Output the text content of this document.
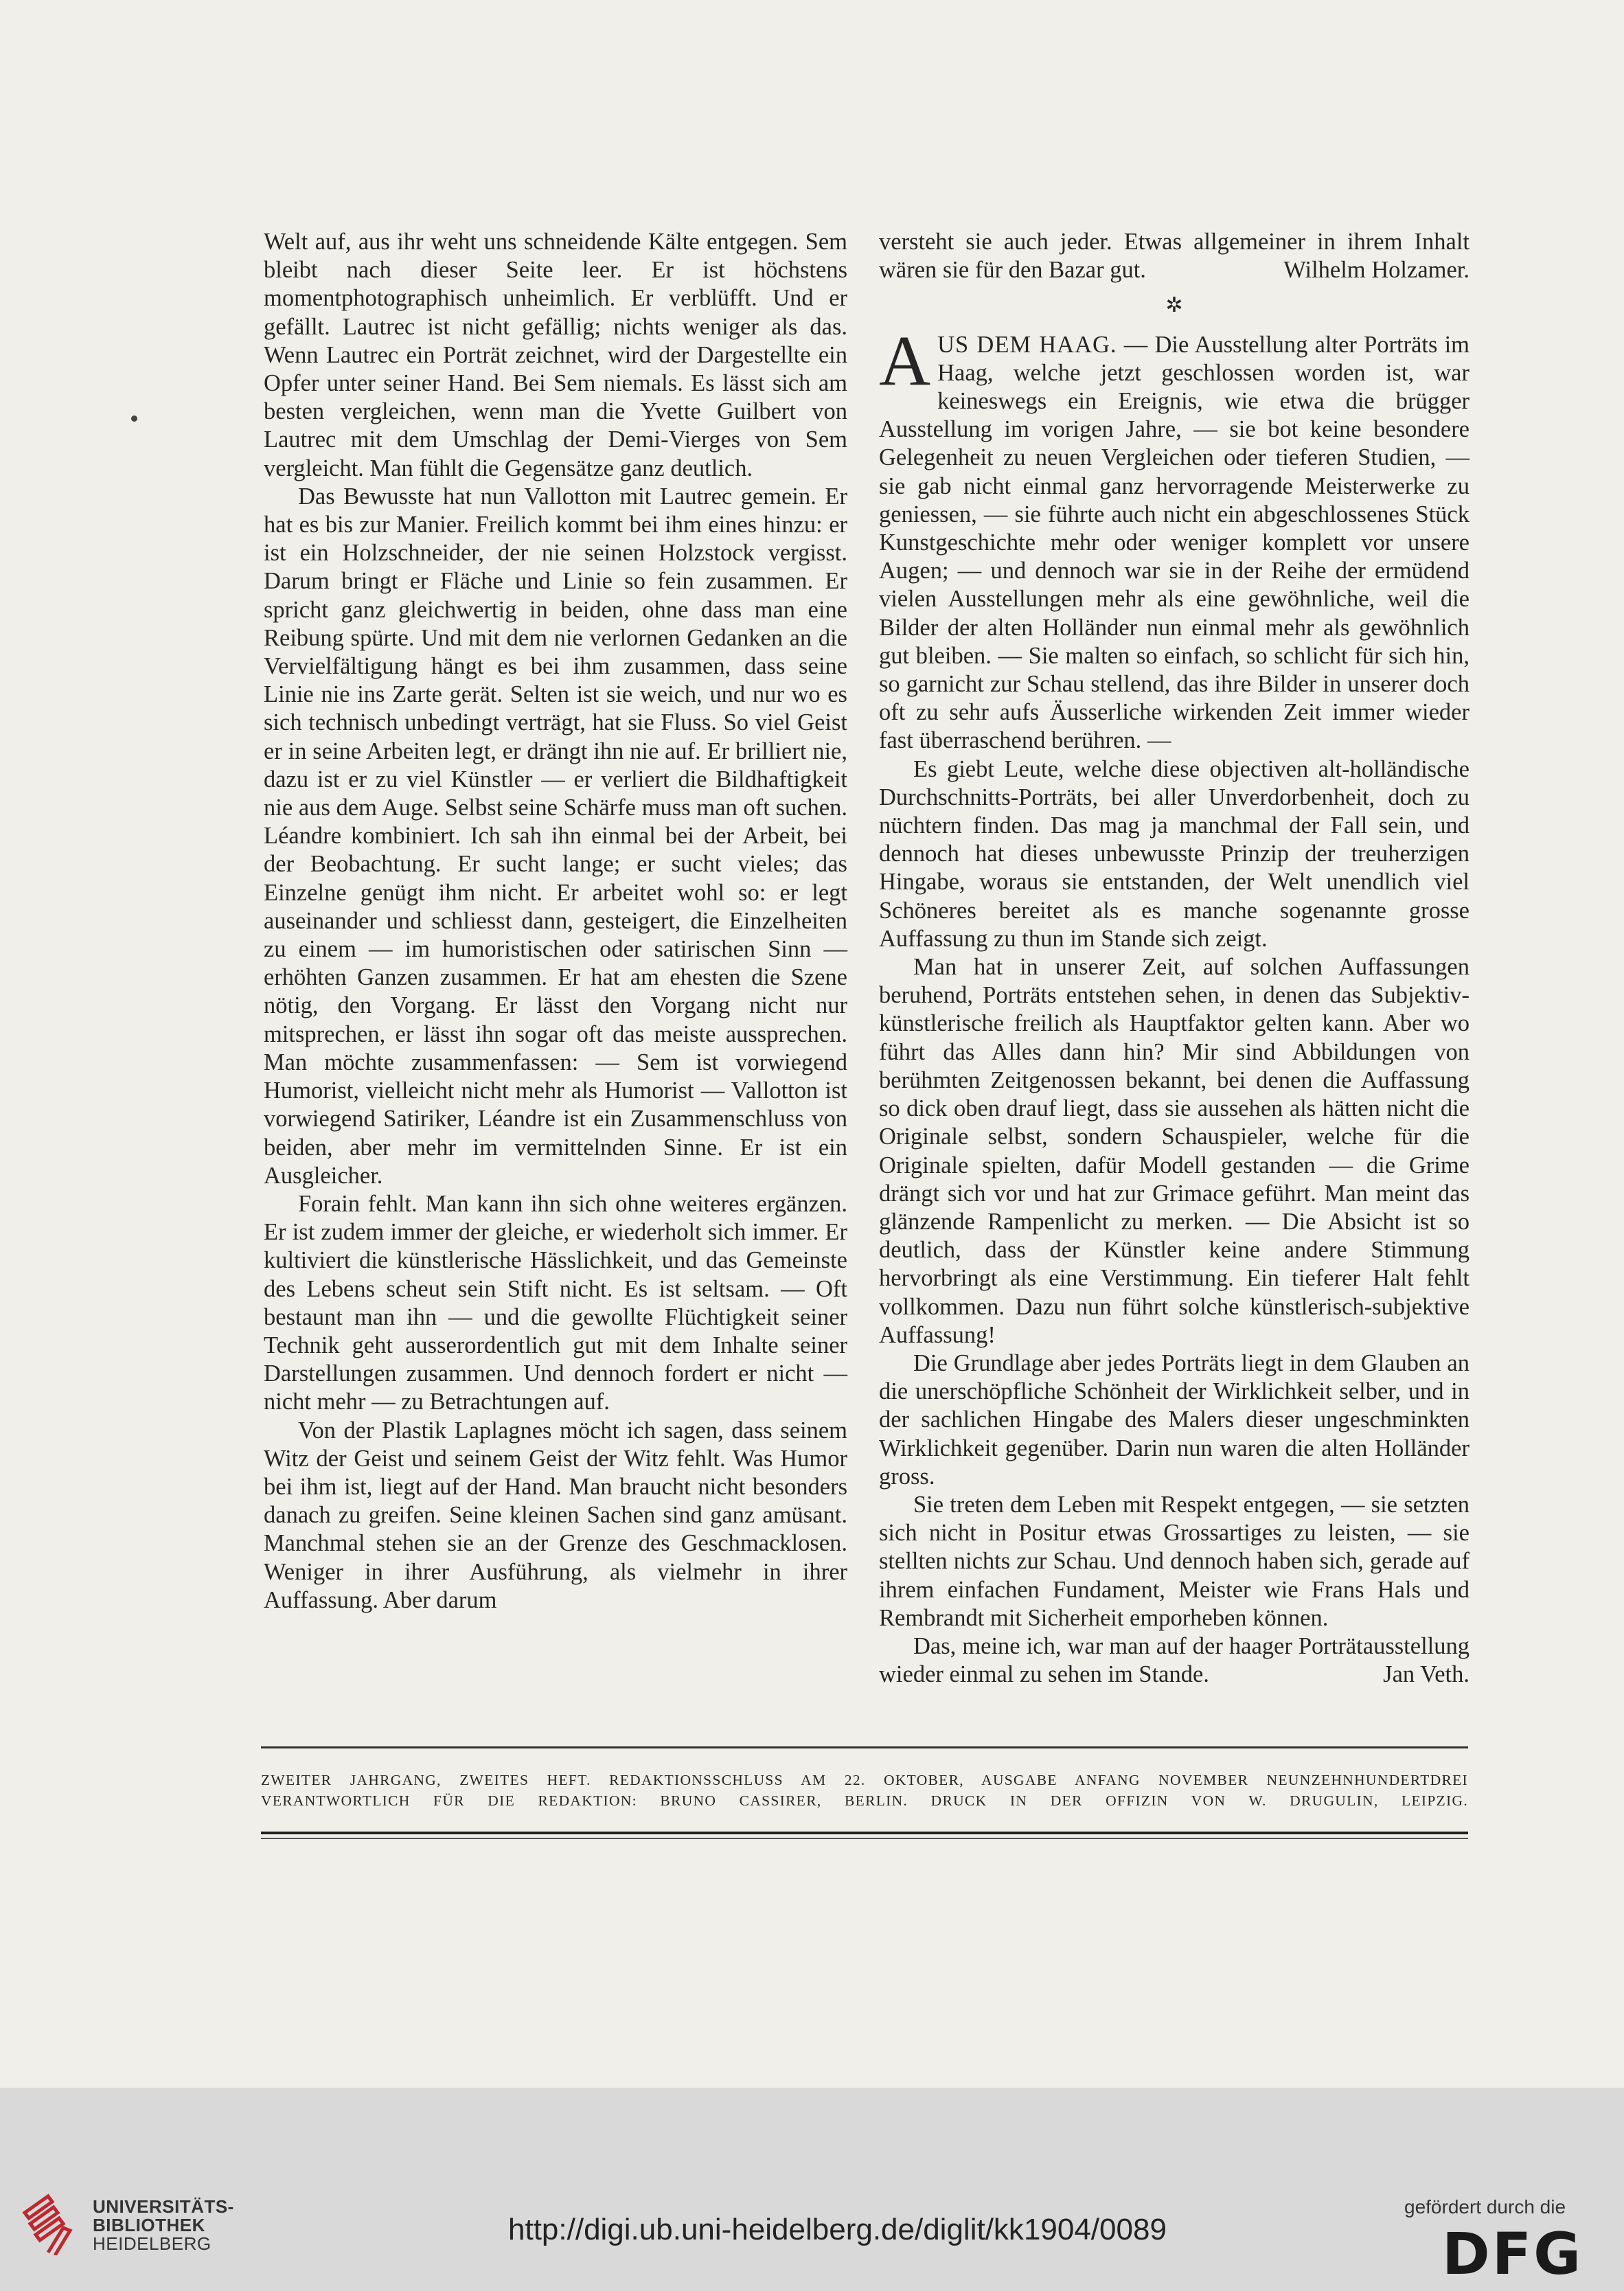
Welt auf, aus ihr weht uns schneidende Kälte entgegen. Sem bleibt nach dieser Seite leer. Er ist höchstens momentphotographisch unheimlich. Er verblüfft. Und er gefällt. Lautrec ist nicht gefällig; nichts weniger als das. Wenn Lautrec ein Porträt zeichnet, wird der Dargestellte ein Opfer unter seiner Hand. Bei Sem niemals. Es lässt sich am besten vergleichen, wenn man die Yvette Guilbert von Lautrec mit dem Umschlag der Demi-Vierges von Sem vergleicht. Man fühlt die Gegensätze ganz deutlich.

Das Bewusste hat nun Vallotton mit Lautrec gemein. Er hat es bis zur Manier. Freilich kommt bei ihm eines hinzu: er ist ein Holzschneider, der nie seinen Holzstock vergisst. Darum bringt er Fläche und Linie so fein zusammen. Er spricht ganz gleichwertig in beiden, ohne dass man eine Reibung spürte. Und mit dem nie verlornen Gedanken an die Vervielfältigung hängt es bei ihm zusammen, dass seine Linie nie ins Zarte gerät. Selten ist sie weich, und nur wo es sich technisch unbedingt verträgt, hat sie Fluss. So viel Geist er in seine Arbeiten legt, er drängt ihn nie auf. Er brilliert nie, dazu ist er zu viel Künstler — er verliert die Bildhaftigkeit nie aus dem Auge. Selbst seine Schärfe muss man oft suchen. Léandre kombiniert. Ich sah ihn einmal bei der Arbeit, bei der Beobachtung. Er sucht lange; er sucht vieles; das Einzelne genügt ihm nicht. Er arbeitet wohl so: er legt auseinander und schliesst dann, gesteigert, die Einzelheiten zu einem — im humoristischen oder satirischen Sinn — erhöhten Ganzen zusammen. Er hat am ehesten die Szene nötig, den Vorgang. Er lässt den Vorgang nicht nur mitsprechen, er lässt ihn sogar oft das meiste aussprechen. Man möchte zusammenfassen: — Sem ist vorwiegend Humorist, vielleicht nicht mehr als Humorist — Vallotton ist vorwiegend Satiriker, Léandre ist ein Zusammenschluss von beiden, aber mehr im vermittelnden Sinne. Er ist ein Ausgleicher.

Forain fehlt. Man kann ihn sich ohne weiteres ergänzen. Er ist zudem immer der gleiche, er wiederholt sich immer. Er kultiviert die künstlerische Hässlichkeit, und das Gemeinste des Lebens scheut sein Stift nicht. Es ist seltsam. — Oft bestaunt man ihn — und die gewollte Flüchtigkeit seiner Technik geht ausserordentlich gut mit dem Inhalte seiner Darstellungen zusammen. Und dennoch fordert er nicht — nicht mehr — zu Betrachtungen auf.

Von der Plastik Laplagnes möcht ich sagen, dass seinem Witz der Geist und seinem Geist der Witz fehlt. Was Humor bei ihm ist, liegt auf der Hand. Man braucht nicht besonders danach zu greifen. Seine kleinen Sachen sind ganz amüsant. Manchmal stehen sie an der Grenze des Geschmacklosen. Weniger in ihrer Ausführung, als vielmehr in ihrer Auffassung. Aber darum

versteht sie auch jeder. Etwas allgemeiner in ihrem Inhalt wären sie für den Bazar gut.	Wilhelm Holzamer.

✲

A US DEM HAAG. — Die Ausstellung alter Porträts im Haag, welche jetzt geschlossen worden ist, war keineswegs ein Ereignis, wie etwa die brügger Ausstellung im vorigen Jahre, — sie bot keine besondere Gelegenheit zu neuen Vergleichen oder tieferen Studien, — sie gab nicht einmal ganz hervorragende Meisterwerke zu geniessen, — sie führte auch nicht ein abgeschlossenes Stück Kunstgeschichte mehr oder weniger komplett vor unsere Augen; — und dennoch war sie in der Reihe der ermüdend vielen Ausstellungen mehr als eine gewöhnliche, weil die Bilder der alten Holländer nun einmal mehr als gewöhnlich gut bleiben. — Sie malten so einfach, so schlicht für sich hin, so garnicht zur Schau stellend, das ihre Bilder in unserer doch oft zu sehr aufs Äusserliche wirkenden Zeit immer wieder fast überraschend berühren. —

Es giebt Leute, welche diese objectiven alt-holländische Durchschnitts-Porträts, bei aller Unverdorbenheit, doch zu nüchtern finden. Das mag ja manchmal der Fall sein, und dennoch hat dieses unbewusste Prinzip der treuherzigen Hingabe, woraus sie entstanden, der Welt unendlich viel Schöneres bereitet als es manche sogenannte grosse Auffassung zu thun im Stande sich zeigt.

Man hat in unserer Zeit, auf solchen Auffassungen beruhend, Porträts entstehen sehen, in denen das Subjektiv-künstlerische freilich als Hauptfaktor gelten kann. Aber wo führt das Alles dann hin? Mir sind Abbildungen von berühmten Zeitgenossen bekannt, bei denen die Auffassung so dick oben drauf liegt, dass sie aussehen als hätten nicht die Originale selbst, sondern Schauspieler, welche für die Originale spielten, dafür Modell gestanden — die Grime drängt sich vor und hat zur Grimace geführt. Man meint das glänzende Rampenlicht zu merken. — Die Absicht ist so deutlich, dass der Künstler keine andere Stimmung hervorbringt als eine Verstimmung. Ein tieferer Halt fehlt vollkommen. Dazu nun führt solche künstlerisch-subjektive Auffassung!

Die Grundlage aber jedes Porträts liegt in dem Glauben an die unerschöpfliche Schönheit der Wirklichkeit selber, und in der sachlichen Hingabe des Malers dieser ungeschminkten Wirklichkeit gegenüber. Darin nun waren die alten Holländer gross.

Sie treten dem Leben mit Respekt entgegen, — sie setzten sich nicht in Positur etwas Grossartiges zu leisten, — sie stellten nichts zur Schau. Und dennoch haben sich, gerade auf ihrem einfachen Fundament, Meister wie Frans Hals und Rembrandt mit Sicherheit emporheben können.

Das, meine ich, war man auf der haager Porträtausstellung wieder einmal zu sehen im Stande.	Jan Veth.

ZWEITER JAHRGANG, ZWEITES HEFT. REDAKTIONSSCHLUSS AM 22. OKTOBER, AUSGABE ANFANG NOVEMBER NEUNZEHNHUNDERTDREI
VERANTWORTLICH FÜR DIE REDAKTION: BRUNO CASSIRER, BERLIN. DRUCK IN DER OFFIZIN VON W. DRUGULIN, LEIPZIG.
UNIVERSITÄTS-
BIBLIOTHEK
HEIDELBERG	http://digi.ub.uni-heidelberg.de/diglit/kk1904/0089
gefördert durch die
DFG
